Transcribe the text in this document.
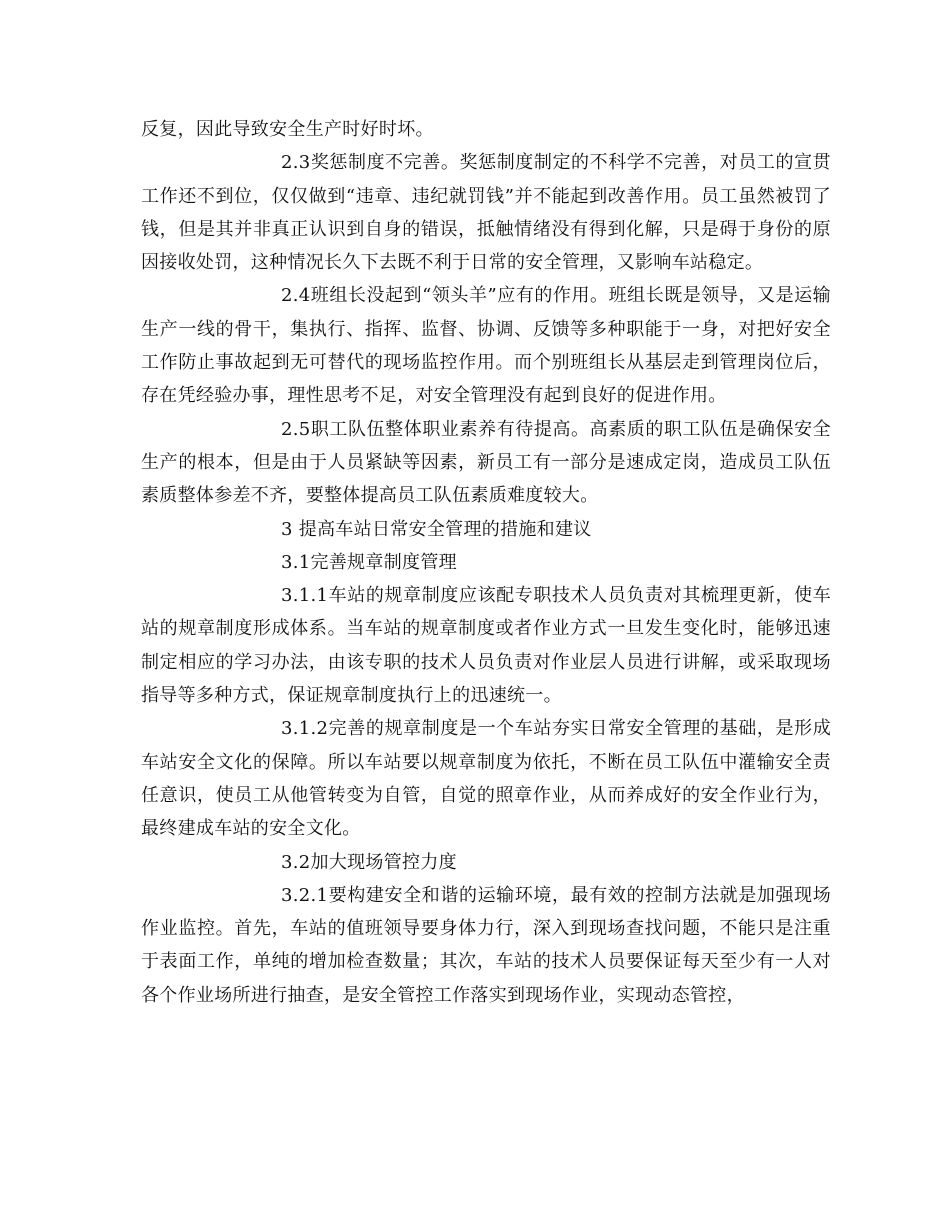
反复，因此导致安全生产时好时坏。

2.3奖惩制度不完善。奖惩制度制定的不科学不完善，对员工的宣贯工作还不到位，仅仅做到“违章、违纪就罚钱”并不能起到改善作用。员工虽然被罚了钱，但是其并非真正认识到自身的错误，抵触情绪没有得到化解，只是碍于身份的原因接收处罚，这种情况长久下去既不利于日常的安全管理，又影响车站稳定。

2.4班组长没起到“领头羊”应有的作用。班组长既是领导，又是运输生产一线的骨干，集执行、指挥、监督、协调、反馈等多种职能于一身，对把好安全工作防止事故起到无可替代的现场监控作用。而个别班组长从基层走到管理岗位后，存在凭经验办事，理性思考不足，对安全管理没有起到良好的促进作用。

2.5职工队伍整体职业素养有待提高。高素质的职工队伍是确保安全生产的根本，但是由于人员紧缺等因素，新员工有一部分是速成定岗，造成员工队伍素质整体参差不齐，要整体提高员工队伍素质难度较大。

3 提高车站日常安全管理的措施和建议

3.1完善规章制度管理

3.1.1车站的规章制度应该配专职技术人员负责对其梳理更新，使车站的规章制度形成体系。当车站的规章制度或者作业方式一旦发生变化时，能够迅速制定相应的学习办法，由该专职的技术人员负责对作业层人员进行讲解，或采取现场指导等多种方式，保证规章制度执行上的迅速统一。

3.1.2完善的规章制度是一个车站夯实日常安全管理的基础，是形成车站安全文化的保障。所以车站要以规章制度为依托，不断在员工队伍中灌输安全责任意识，使员工从他管转变为自管，自觉的照章作业，从而养成好的安全作业行为，最终建成车站的安全文化。

3.2加大现场管控力度

3.2.1要构建安全和谐的运输环境，最有效的控制方法就是加强现场作业监控。首先，车站的值班领导要身体力行，深入到现场查找问题，不能只是注重于表面工作，单纯的增加检查数量；其次，车站的技术人员要保证每天至少有一人对各个作业场所进行抽查，是安全管控工作落实到现场作业，实现动态管控，
